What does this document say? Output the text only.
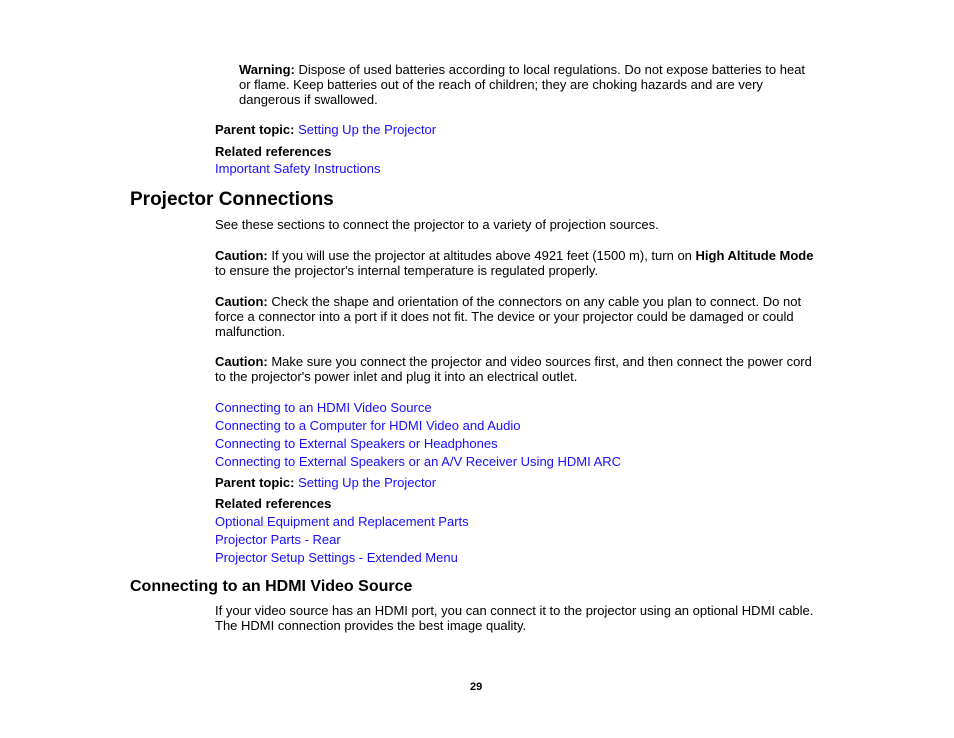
Warning: Dispose of used batteries according to local regulations. Do not expose batteries to heat
or flame. Keep batteries out of the reach of children; they are choking hazards and are very
dangerous if swallowed.
Parent topic: Setting Up the Projector
Related references
Important Safety Instructions
Projector Connections
See these sections to connect the projector to a variety of projection sources.
Caution: If you will use the projector at altitudes above 4921 feet (1500 m), turn on High Altitude Mode
to ensure the projector's internal temperature is regulated properly.
Caution: Check the shape and orientation of the connectors on any cable you plan to connect. Do not
force a connector into a port if it does not fit. The device or your projector could be damaged or could
malfunction.
Caution: Make sure you connect the projector and video sources first, and then connect the power cord
to the projector's power inlet and plug it into an electrical outlet.
Connecting to an HDMI Video Source
Connecting to a Computer for HDMI Video and Audio
Connecting to External Speakers or Headphones
Connecting to External Speakers or an A/V Receiver Using HDMI ARC
Parent topic: Setting Up the Projector
Related references
Optional Equipment and Replacement Parts
Projector Parts - Rear
Projector Setup Settings - Extended Menu
Connecting to an HDMI Video Source
If your video source has an HDMI port, you can connect it to the projector using an optional HDMI cable.
The HDMI connection provides the best image quality.
29
